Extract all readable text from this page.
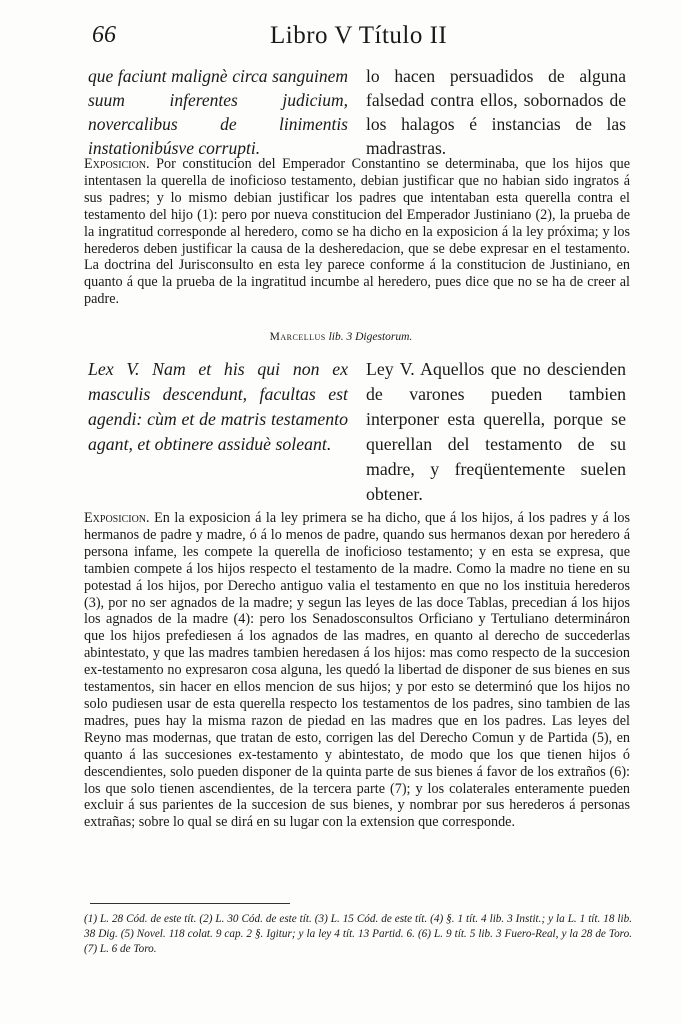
66	Libro V Título II
que faciunt malignè circa sanguinem suum inferentes judicium, novercalibus de linimentis instationibúsve corrupti.
lo hacen persuadidos de alguna falsedad contra ellos, sobornados de los halagos é instancias de las madrastras.
Exposicion. Por constitucion del Emperador Constantino se determinaba, que los hijos que intentasen la querella de inoficioso testamento, debian justificar que no habian sido ingratos á sus padres; y lo mismo debian justificar los padres que intentaban esta querella contra el testamento del hijo (1): pero por nueva constitucion del Emperador Justiniano (2), la prueba de la ingratitud corresponde al heredero, como se ha dicho en la exposicion á la ley próxima; y los herederos deben justificar la causa de la desheredacion, que se debe expresar en el testamento. La doctrina del Jurisconsulto en esta ley parece conforme á la constitucion de Justiniano, en quanto á que la prueba de la ingratitud incumbe al heredero, pues dice que no se ha de creer al padre.
Marcellus lib. 3 Digestorum.
Lex V. Nam et his qui non ex masculis descendunt, facultas est agendi: cùm et de matris testamento agant, et obtinere assiduè soleant.
Ley V. Aquellos que no descienden de varones pueden tambien interponer esta querella, porque se querellan del testamento de su madre, y freqüentemente suelen obtener.
Exposicion. En la exposicion á la ley primera se ha dicho, que á los hijos, á los padres y á los hermanos de padre y madre, ó á lo menos de padre, quando sus hermanos dexan por heredero á persona infame, les compete la querella de inoficioso testamento; y en esta se expresa, que tambien compete á los hijos respecto el testamento de la madre. Como la madre no tiene en su potestad á los hijos, por Derecho antiguo valia el testamento en que no los instituia herederos (3), por no ser agnados de la madre; y segun las leyes de las doce Tablas, precedian á los hijos los agnados de la madre (4): pero los Senadosconsultos Orficiano y Tertuliano determináron que los hijos prefediesen á los agnados de las madres, en quanto al derecho de succederlas abintestato, y que las madres tambien heredasen á los hijos: mas como respecto de la succesion ex-testamento no expresaron cosa alguna, les quedó la libertad de disponer de sus bienes en sus testamentos, sin hacer en ellos mencion de sus hijos; y por esto se determinó que los hijos no solo pudiesen usar de esta querella respecto los testamentos de los padres, sino tambien de las madres, pues hay la misma razon de piedad en las madres que en los padres. Las leyes del Reyno mas modernas, que tratan de esto, corrigen las del Derecho Comun y de Partida (5), en quanto á las succesiones ex-testamento y abintestato, de modo que los que tienen hijos ó descendientes, solo pueden disponer de la quinta parte de sus bienes á favor de los extraños (6): los que solo tienen ascendientes, de la tercera parte (7); y los colaterales enteramente pueden excluir á sus parientes de la succesion de sus bienes, y nombrar por sus herederos á personas extrañas; sobre lo qual se dirá en su lugar con la extension que corresponde.
(1) L. 28 Cód. de este tít. (2) L. 30 Cód. de este tít. (3) L. 15 Cód. de este tít. (4) §. 1 tít. 4 lib. 3 Instit.; y la L. 1 tít. 18 lib. 38 Dig. (5) Novel. 118 colat. 9 cap. 2 §. Igitur; y la ley 4 tít. 13 Partid. 6. (6) L. 9 tít. 5 lib. 3 Fuero-Real, y la 28 de Toro. (7) L. 6 de Toro.
